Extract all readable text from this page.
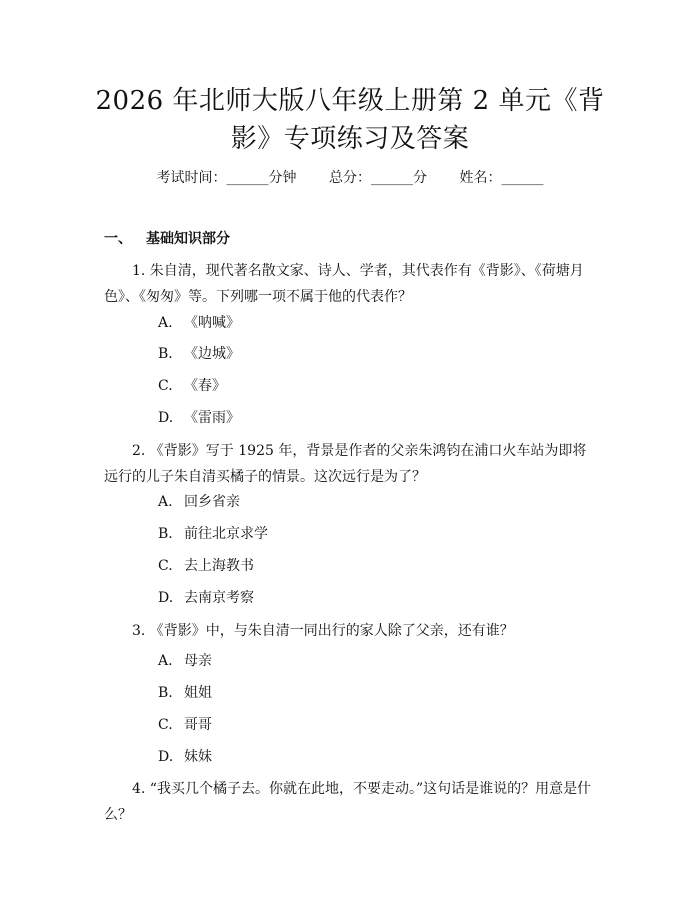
2026 年北师大版八年级上册第 2 单元《背
影》专项练习及答案
考试时间：______分钟 总分：______分 姓名：______
一、 基础知识部分
1. 朱自清，现代著名散文家、诗人、学者，其代表作有《背影》、《荷塘月色》、《匆匆》等。下列哪一项不属于他的代表作？
A. 《呐喊》
B. 《边城》
C. 《春》
D. 《雷雨》
2. 《背影》写于 1925 年，背景是作者的父亲朱鸿钧在浦口火车站为即将远行的儿子朱自清买橘子的情景。这次远行是为了？
A. 回乡省亲
B. 前往北京求学
C. 去上海教书
D. 去南京考察
3. 《背影》中，与朱自清一同出行的家人除了父亲，还有谁？
A. 母亲
B. 姐姐
C. 哥哥
D. 妹妹
4. “我买几个橘子去。你就在此地，不要走动。”这句话是谁说的？用意是什么？
